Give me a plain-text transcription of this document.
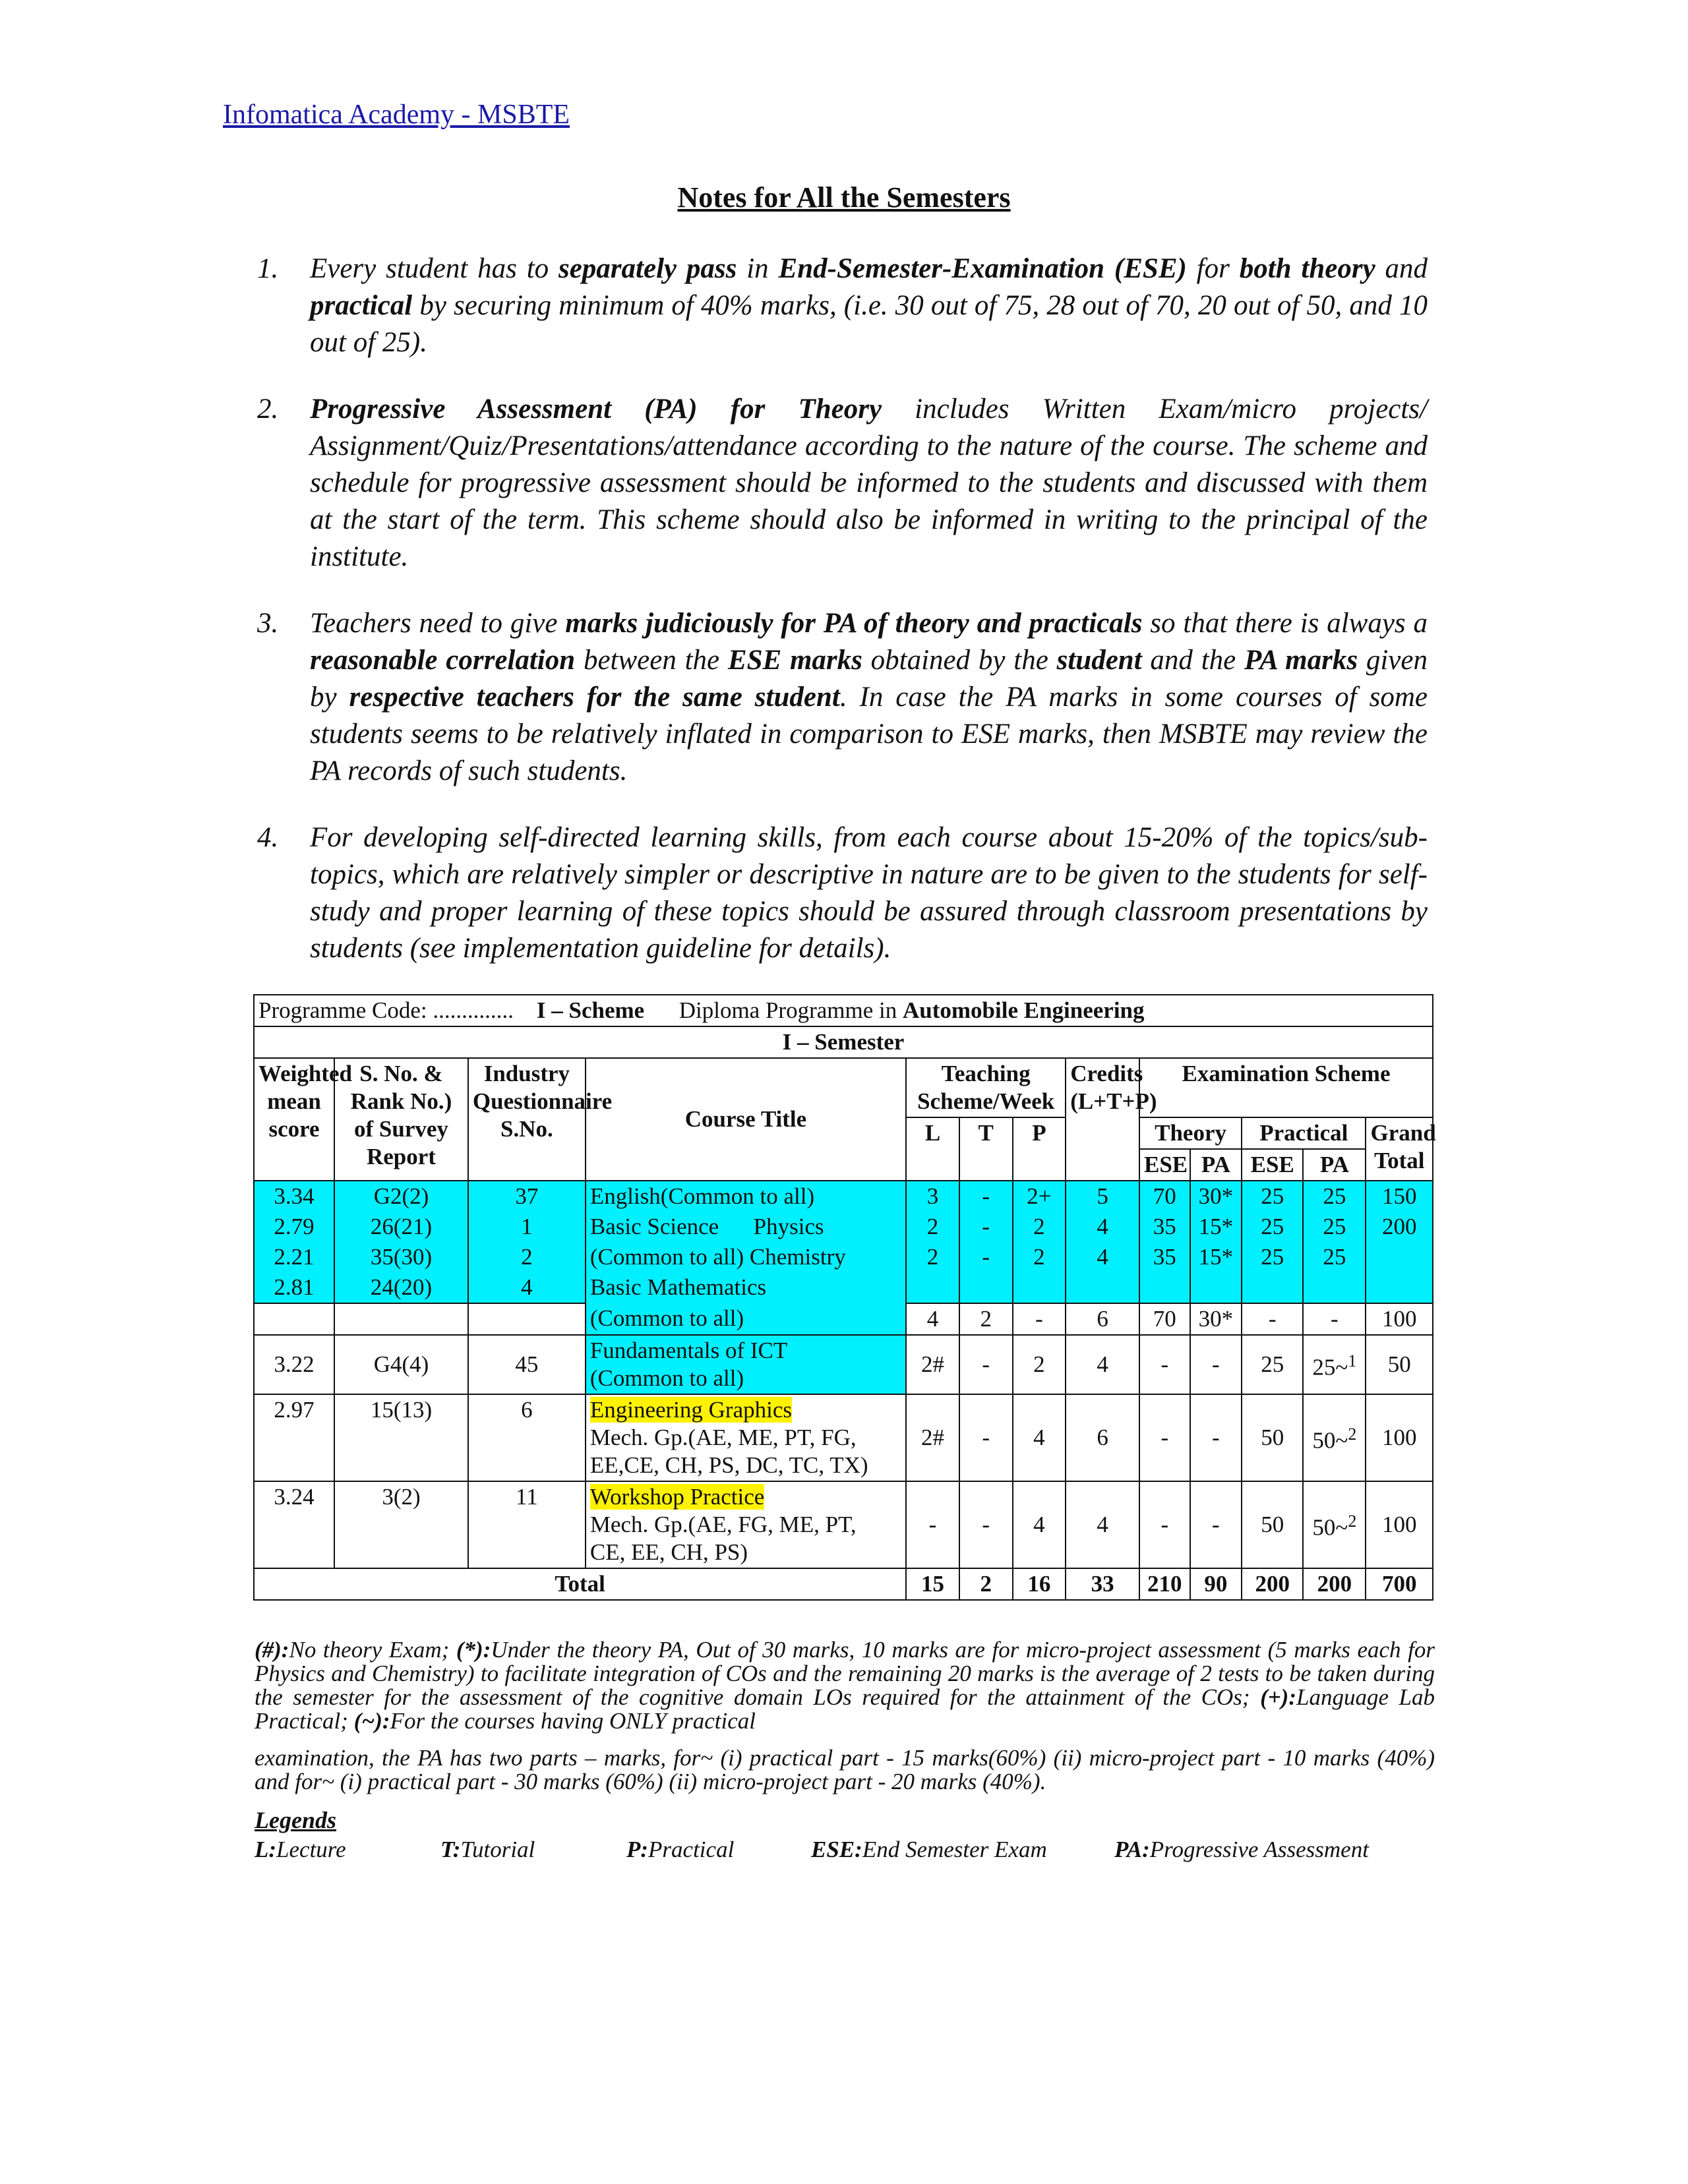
Infomatica Academy - MSBTE
Notes for All the Semesters
1. Every student has to separately pass in End-Semester-Examination (ESE) for both theory and practical by securing minimum of 40% marks, (i.e. 30 out of 75, 28 out of 70, 20 out of 50, and 10 out of 25).
2. Progressive Assessment (PA) for Theory includes Written Exam/micro projects/ Assignment/Quiz/Presentations/attendance according to the nature of the course. The scheme and schedule for progressive assessment should be informed to the students and discussed with them at the start of the term. This scheme should also be informed in writing to the principal of the institute.
3. Teachers need to give marks judiciously for PA of theory and practicals so that there is always a reasonable correlation between the ESE marks obtained by the student and the PA marks given by respective teachers for the same student. In case the PA marks in some courses of some students seems to be relatively inflated in comparison to ESE marks, then MSBTE may review the PA records of such students.
4. For developing self-directed learning skills, from each course about 15-20% of the topics/sub-topics, which are relatively simpler or descriptive in nature are to be given to the students for self-study and proper learning of these topics should be assured through classroom presentations by students (see implementation guideline for details).
Programme Code: .............. I – Scheme Diploma Programme in Automobile Engineering												
I – Semester												
Weighted mean score	S. No. & Rank No.) of Survey Report	Industry Questionnaire S.No.	Course Title	Teaching Scheme/Week			Credits (L+T+P)	Examination Scheme				
				L	T	P		Theory		Practical		Grand Total
								ESE	PA	ESE	PA	
3.34	G2(2)	37	English(Common to all)	3	-	2+	5	70	30*	25	25	150
2.79	26(21)	1	Basic Science      Physics	2	-	2	4	35	15*	25	25	200
2.21	35(30)	2	(Common to all) Chemistry	2	-	2	4	35	15*	25	25	
2.81	24(20)	4	Basic Mathematics									
			(Common to all)	4	2	-	6	70	30*	-	-	100
3.22	G4(4)	45	Fundamentals of ICT
(Common to all)	2#	-	2	4	-	-	25	25~$^1$	50
2.97	15(13)	6	Engineering Graphics
Mech. Gp.(AE, ME, PT, FG,
EE,CE, CH, PS, DC, TC, TX)	2#	-	4	6	-	-	50	50~$^2$	100
3.24	3(2)	11	Workshop Practice
Mech. Gp.(AE, FG, ME, PT,
CE, EE, CH, PS)	-	-	4	4	-	-	50	50~$^2$	100
Total				15	2	16	33	210	90	200	200	700
(#):No theory Exam; (*):Under the theory PA, Out of 30 marks, 10 marks are for micro-project assessment (5 marks each for Physics and Chemistry) to facilitate integration of COs and the remaining 20 marks is the average of 2 tests to be taken during the semester for the assessment of the cognitive domain LOs required for the attainment of the COs; (+):Language Lab Practical; (~):For the courses having ONLY practical
examination, the PA has two parts – marks, for~ (i) practical part - 15 marks(60%) (ii) micro-project part - 10 marks (40%) and for~ (i) practical part - 30 marks (60%) (ii) micro-project part - 20 marks (40%).
Legends
L:Lecture	T:Tutorial	P:Practical	ESE:End Semester Exam	PA:Progressive Assessment
